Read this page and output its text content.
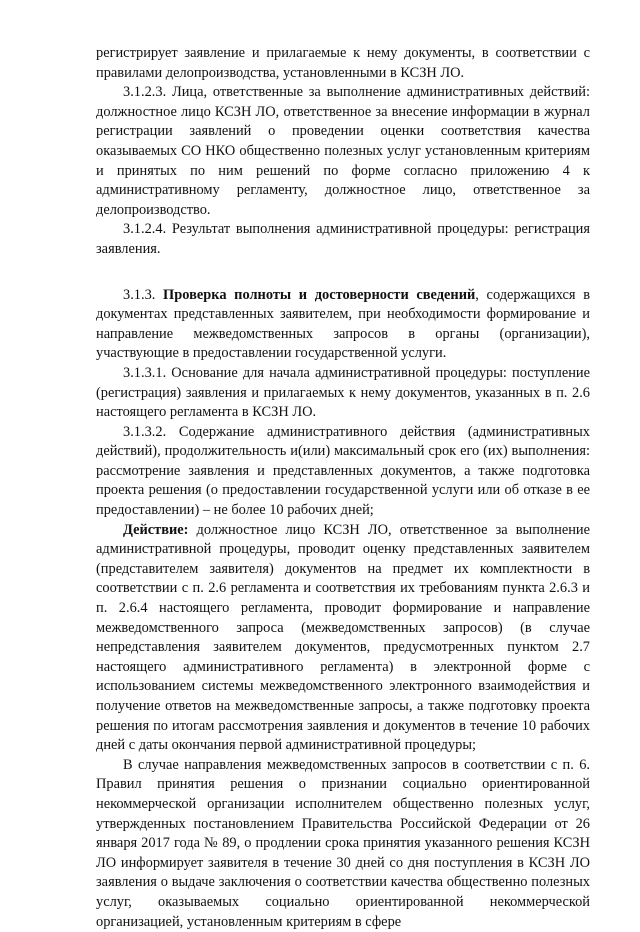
регистрирует заявление и прилагаемые к нему документы, в соответствии с правилами делопроизводства, установленными в КСЗН ЛО.

3.1.2.3. Лица, ответственные за выполнение административных действий: должностное лицо КСЗН ЛО, ответственное за внесение информации в журнал регистрации заявлений о проведении оценки соответствия качества оказываемых СО НКО общественно полезных услуг установленным критериям и принятых по ним решений по форме согласно приложению 4 к административному регламенту, должностное лицо, ответственное за делопроизводство.

3.1.2.4. Результат выполнения административной процедуры: регистрация заявления.

3.1.3. Проверка полноты и достоверности сведений, содержащихся в документах представленных заявителем, при необходимости формирование и направление межведомственных запросов в органы (организации), участвующие в предоставлении государственной услуги.

3.1.3.1. Основание для начала административной процедуры: поступление (регистрация) заявления и прилагаемых к нему документов, указанных в п. 2.6 настоящего регламента в КСЗН ЛО.

3.1.3.2. Содержание административного действия (административных действий), продолжительность и(или) максимальный срок его (их) выполнения: рассмотрение заявления и представленных документов, а также подготовка проекта решения (о предоставлении государственной услуги или об отказе в ее предоставлении) – не более 10 рабочих дней;

Действие: должностное лицо КСЗН ЛО, ответственное за выполнение административной процедуры, проводит оценку представленных заявителем (представителем заявителя) документов на предмет их комплектности в соответствии с п. 2.6 регламента и соответствия их требованиям пункта 2.6.3 и п. 2.6.4 настоящего регламента, проводит формирование и направление межведомственного запроса (межведомственных запросов) (в случае непредставления заявителем документов, предусмотренных пунктом 2.7 настоящего административного регламента) в электронной форме с использованием системы межведомственного электронного взаимодействия и получение ответов на межведомственные запросы, а также подготовку проекта решения по итогам рассмотрения заявления и документов в течение 10 рабочих дней с даты окончания первой административной процедуры;

В случае направления межведомственных запросов в соответствии с п. 6. Правил принятия решения о признании социально ориентированной некоммерческой организации исполнителем общественно полезных услуг, утвержденных постановлением Правительства Российской Федерации от 26 января 2017 года № 89, о продлении срока принятия указанного решения КСЗН ЛО информирует заявителя в течение 30 дней со дня поступления в КСЗН ЛО заявления о выдаче заключения о соответствии качества общественно полезных услуг, оказываемых социально ориентированной некоммерческой организацией, установленным критериям в сфере
